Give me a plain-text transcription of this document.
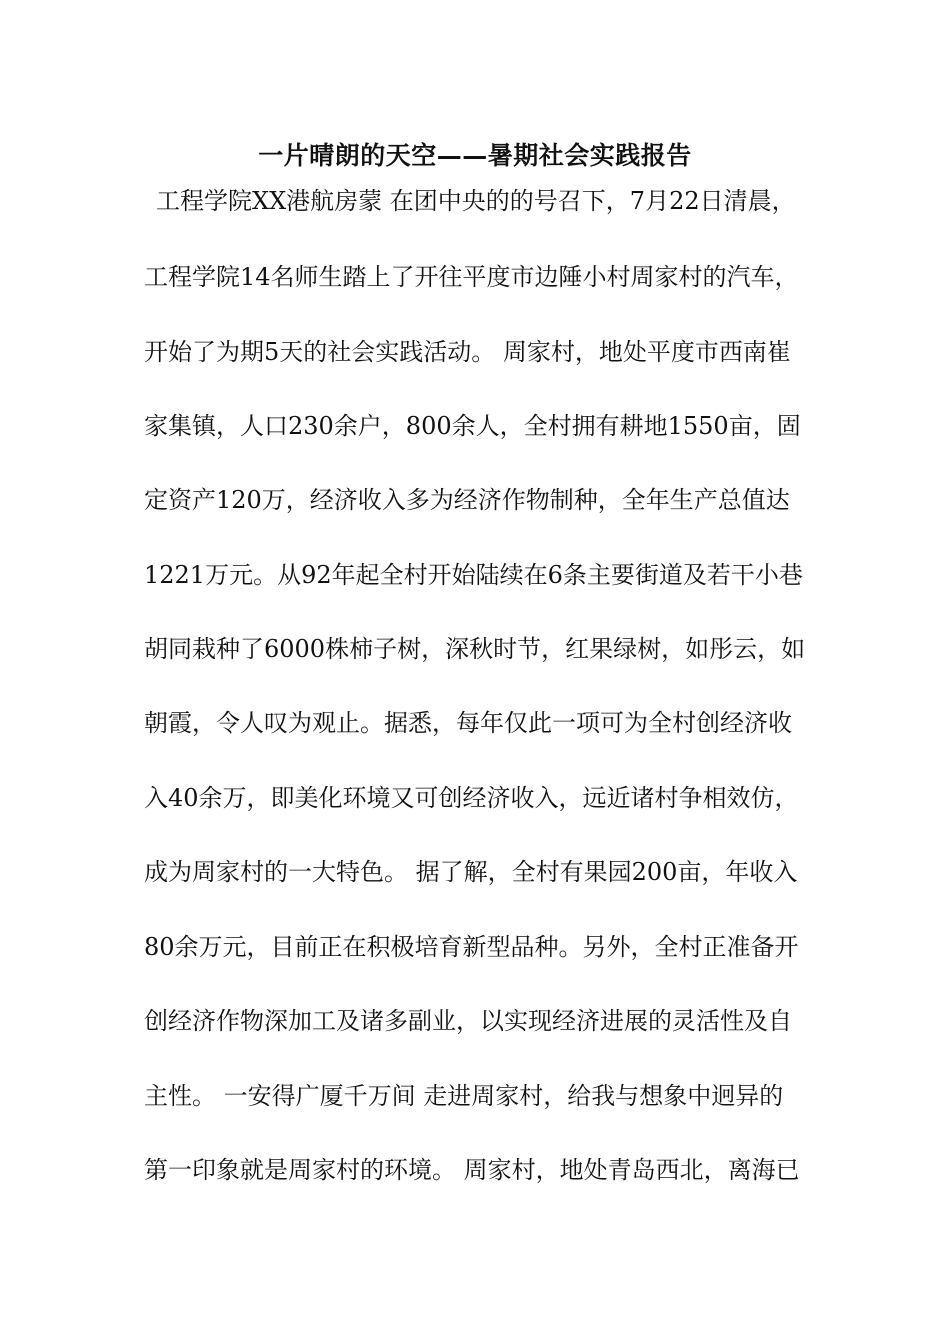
一片晴朗的天空——暑期社会实践报告
工程学院XX港航房蒙 在团中央的的号召下，7月22日清晨，
工程学院14名师生踏上了开往平度市边陲小村周家村的汽车，
开始了为期5天的社会实践活动。 周家村，地处平度市西南崔
家集镇，人口230余户，800余人，全村拥有耕地1550亩，固
定资产120万，经济收入多为经济作物制种，全年生产总值达
1221万元。从92年起全村开始陆续在6条主要街道及若干小巷
胡同栽种了6000株柿子树，深秋时节，红果绿树，如彤云，如
朝霞，令人叹为观止。据悉，每年仅此一项可为全村创经济收
入40余万，即美化环境又可创经济收入，远近诸村争相效仿，
成为周家村的一大特色。 据了解，全村有果园200亩，年收入
80余万元，目前正在积极培育新型品种。另外，全村正准备开
创经济作物深加工及诸多副业，以实现经济进展的灵活性及自
主性。 一安得广厦千万间 走进周家村，给我与想象中迥异的
第一印象就是周家村的环境。 周家村，地处青岛西北，离海已
